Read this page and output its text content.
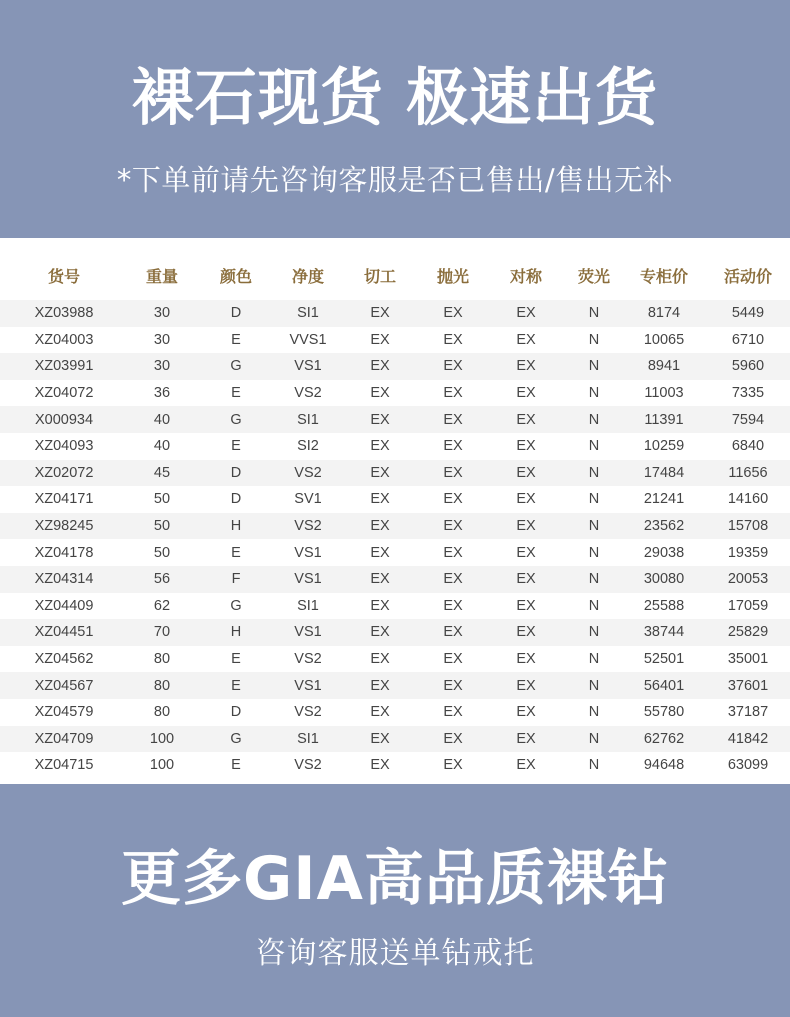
裸石现货 极速出货
*下单前请先咨询客服是否已售出/售出无补
货号	重量	颜色	净度	切工	抛光	对称	荧光	专柜价	活动价
XZ03988	30	D	SI1	EX	EX	EX	N	8174	5449
XZ04003	30	E	VVS1	EX	EX	EX	N	10065	6710
XZ03991	30	G	VS1	EX	EX	EX	N	8941	5960
XZ04072	36	E	VS2	EX	EX	EX	N	11003	7335
X000934	40	G	SI1	EX	EX	EX	N	11391	7594
XZ04093	40	E	SI2	EX	EX	EX	N	10259	6840
XZ02072	45	D	VS2	EX	EX	EX	N	17484	11656
XZ04171	50	D	SV1	EX	EX	EX	N	21241	14160
XZ98245	50	H	VS2	EX	EX	EX	N	23562	15708
XZ04178	50	E	VS1	EX	EX	EX	N	29038	19359
XZ04314	56	F	VS1	EX	EX	EX	N	30080	20053
XZ04409	62	G	SI1	EX	EX	EX	N	25588	17059
XZ04451	70	H	VS1	EX	EX	EX	N	38744	25829
XZ04562	80	E	VS2	EX	EX	EX	N	52501	35001
XZ04567	80	E	VS1	EX	EX	EX	N	56401	37601
XZ04579	80	D	VS2	EX	EX	EX	N	55780	37187
XZ04709	100	G	SI1	EX	EX	EX	N	62762	41842
XZ04715	100	E	VS2	EX	EX	EX	N	94648	63099
更多GIA高品质裸钻
咨询客服送单钻戒托
